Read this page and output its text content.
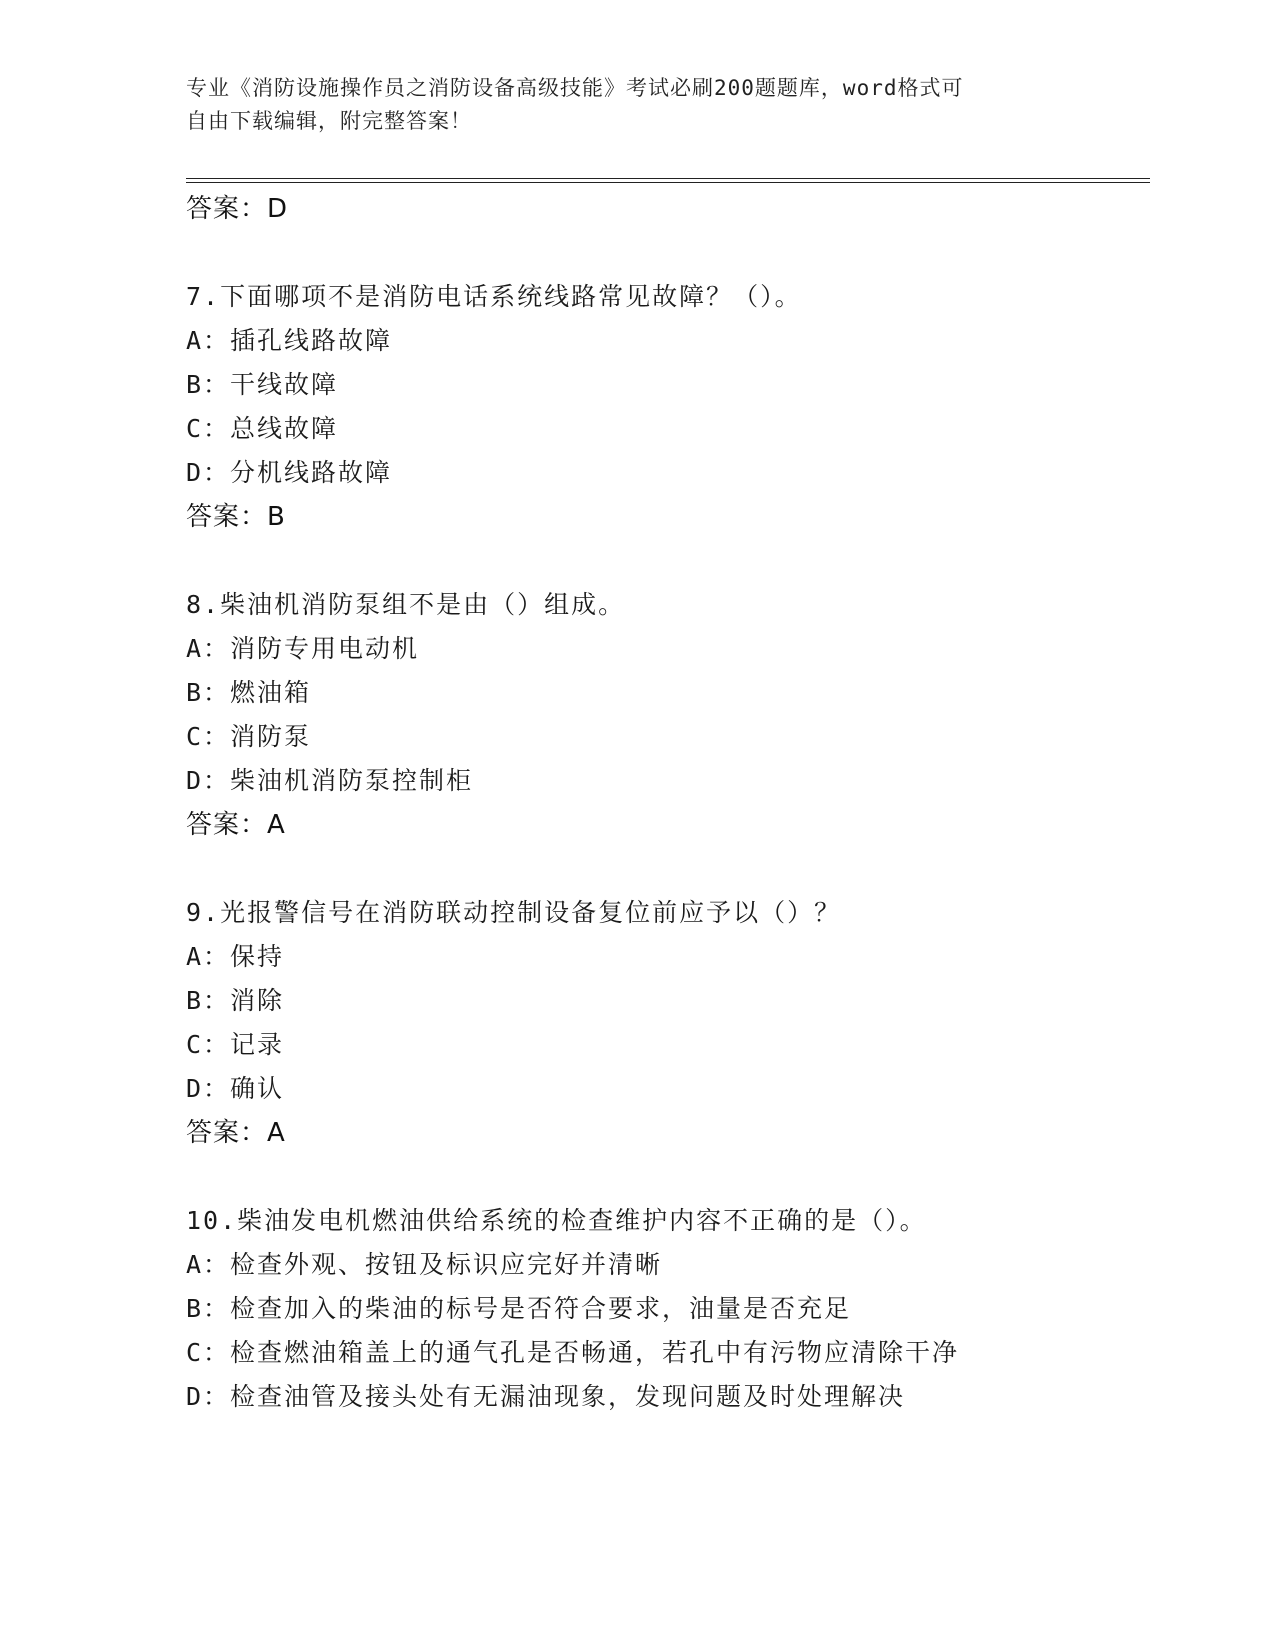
专业《消防设施操作员之消防设备高级技能》考试必刷200题题库，word格式可
自由下载编辑，附完整答案！
答案：D
7.下面哪项不是消防电话系统线路常见故障？（）。
A：插孔线路故障
B：干线故障
C：总线故障
D：分机线路故障
答案：B
8.柴油机消防泵组不是由（）组成。
A：消防专用电动机
B：燃油箱
C：消防泵
D：柴油机消防泵控制柜
答案：A
9.光报警信号在消防联动控制设备复位前应予以（）？
A：保持
B：消除
C：记录
D：确认
答案：A
10.柴油发电机燃油供给系统的检查维护内容不正确的是（）。
A：检查外观、按钮及标识应完好并清晰
B：检查加入的柴油的标号是否符合要求，油量是否充足
C：检查燃油箱盖上的通气孔是否畅通，若孔中有污物应清除干净
D：检查油管及接头处有无漏油现象，发现问题及时处理解决
